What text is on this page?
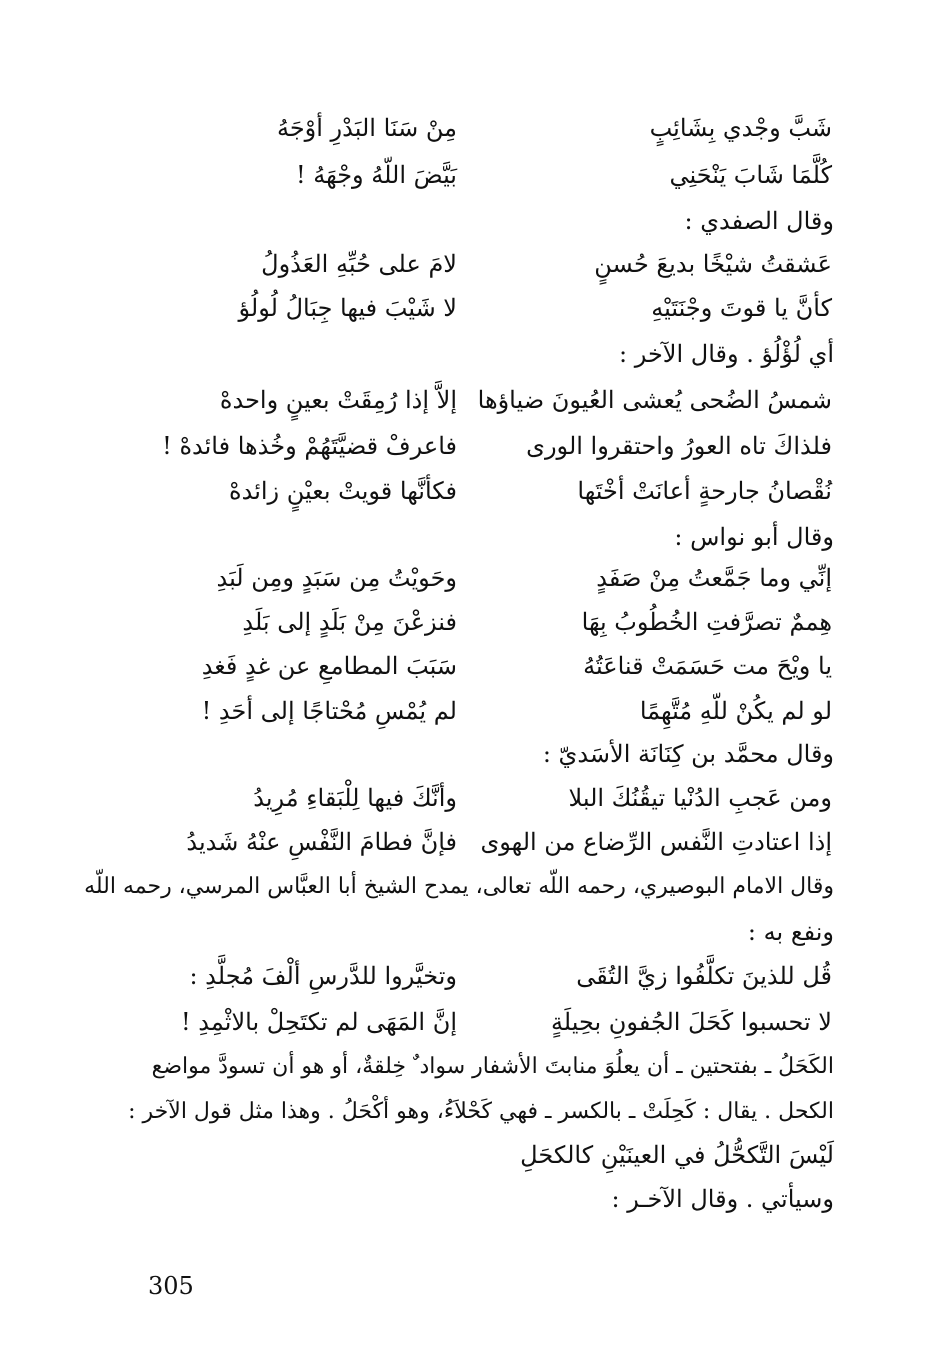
شَبَّ وجْدي بِشَائِبٍ
مِنْ سَنَا البَدْرِ أوْجَهُ
كُلَّمَا شَابَ يَنْحَنِي
بَيَّضَ اللّهُ وجْهَهُ !
وقال الصفدي :
عَشقتُ شيْخًا بديعَ حُسنٍ
لامَ على حُبِّهِ العَذُولُ
كأنَّ يا قوتَ وجْنَتَيْهِ
لا شَيْبَ فيها جِبَالُ لُولُؤ
أي لُؤْلُؤ . وقال الآخر :
شمسُ الضُحى يُعشى العُيونَ ضياؤها
إلاَّ إذا رُمِقَتْ بعينٍ واحدهْ
فلذاكَ تاه العورُ واحتقروا الورى
فاعرفْ قضيَّتَهُمْ وخُذها فائدهْ !
نُقْصانُ جارحةٍ أعانَتْ أخْتَها
فكأنَّها قويتْ بعيْنٍ زائدهْ
وقال أبو نواس :
إنِّي وما جَمَّعتُ مِنْ صَفَدٍ
وحَويْتُ مِن سَبَدٍ ومِن لَبَدِ
هِممٌ تصرَّفتِ الخُطُوبُ بِهَا
فنزعْنَ مِنْ بَلَدٍ إلى بَلَدِ
يا ويْحَ مت حَسَمَتْ قناعَتُهُ
سَبَبَ المطامعِ عن غدٍ فَغدِ
لو لم يكُنْ للّهِ مُتَّهِمًا
لم يُمْسِ مُحْتاجًا إلى أحَدِ !
وقال محمَّد بن كِنَانَة الأسَديّ :
ومن عَجبِ الدُنْيا تيقُنُكَ البلا
وأنَّكَ فيها لِلْبَقاءِ مُرِيدُ
إذا اعتادتِ النَّفس الرِّضاع من الهوى
فإنَّ فطامَ النَّفْسِ عنْهُ شَديدُ
وقال الامام البوصيري، رحمه اللّه تعالى، يمدح الشيخ أبا العبَّاس المرسي، رحمه اللّه
ونفع به :
قُل للذينَ تكلَّفُوا زيَّ التُقَى
وتخيَّروا للدَّرسِ ألْفَ مُجلَّدِ :
لا تحسبوا كَحَلَ الجُفونِ بحِيلَةٍ
إنَّ المَهَى لم تكتَحِلْ بالاثْمِدِ !
الكَحَلُ ـ بفتحتين ـ أن يعلُوَ منابتَ الأشفار سواد ٌ خِلقةٌ، أو هو أن تسودَّ مواضع
الكحل . يقال : كَحِلَتْ ـ بالكسر ـ فهي كَحْلاَءُ، وهو أكْحَلُ . وهذا مثل قول الآخر :
لَيْسَ التَّكحُّلُ في العينَيْنِ كالكحَلِ
وسيأتي . وقال الآخـر :
305
